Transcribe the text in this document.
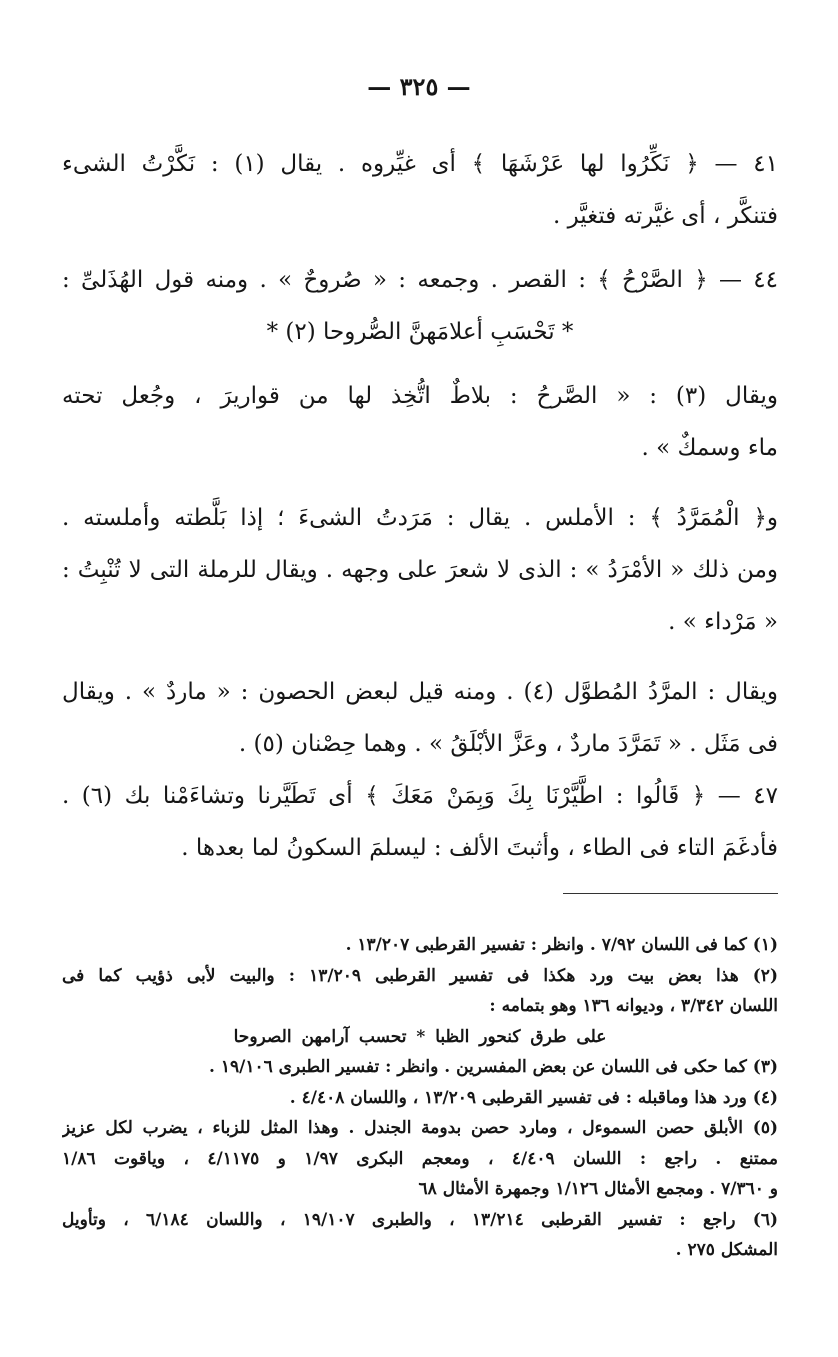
— ٣٢٥ —
٤١ — ﴿ نَكِّرُوا لها عَرْشَهَا ﴾ أى غيِّروه . يقال (١) : نَكَّرْتُ الشىء
فتنكَّر ، أى غيَّرته فتغيَّر .
٤٤ — ﴿ الصَّرْحُ ﴾ : القصر . وجمعه : « صُروحٌ » . ومنه قول الهُذَلىِّ :
* تَحْسَبِ أعلامَهنَّ الصُّروحا (٢) *
ويقال (٣) : « الصَّرحُ : بلاطٌ اتُّخِذ لها من قواريرَ ، وجُعل تحته
ماء وسمكٌ » .
و﴿ الْمُمَرَّدُ ﴾ : الأملس . يقال : مَرَدتُ الشىءَ ؛ إذا بَلَّطته وأملسته .
ومن ذلك « الأمْرَدُ » : الذى لا شعرَ على وجهه . ويقال للرملة التى لا تُنْبِتُ :
« مَرْداء » .
ويقال : المرَّدُ المُطوَّل (٤) . ومنه قيل لبعض الحصون : « ماردٌ » . ويقال
فى مَثَل . « تَمَرَّدَ ماردٌ ، وعَزَّ الأبْلَقُ » . وهما حِصْنان (٥) .
٤٧ — ﴿ قَالُوا : اطَّيَّرْنَا بِكَ وَبِمَنْ مَعَكَ ﴾ أى تَطَيَّرنا وتشاءَمْنا بك (٦) .
فأدغَمَ التاء فى الطاء ، وأثبتَ الألف : ليسلمَ السكونُ لما بعدها .
(١) كما فى اللسان ٧/٩٢ . وانظر : تفسير القرطبى ١٣/٢٠٧ .
(٢) هذا بعض بيت ورد هكذا فى تفسير القرطبى ١٣/٢٠٩ : والبيت لأبى ذؤيب كما فى
اللسان ٣/٣٤٢ ، وديوانه ١٣٦ وهو بتمامه :
على طرق كنحور الظبا * تحسب آرامهن الصروحا
(٣) كما حكى فى اللسان عن بعض المفسرين . وانظر : تفسير الطبرى ١٩/١٠٦ .
(٤) ورد هذا وماقبله : فى تفسير القرطبى ١٣/٢٠٩ ، واللسان ٤/٤٠٨ .
(٥) الأبلق حصن السموءل ، ومارد حصن بدومة الجندل . وهذا المثل للزباء ، يضرب لكل عزيز
ممتنع . راجع : اللسان ٤/٤٠٩ ، ومعجم البكرى ١/٩٧ و ٤/١١٧٥ ، وياقوت ١/٨٦
و ٧/٣٦٠ . ومجمع الأمثال ١/١٢٦ وجمهرة الأمثال ٦٨
(٦) راجع : تفسير القرطبى ١٣/٢١٤ ، والطبرى ١٩/١٠٧ ، واللسان ٦/١٨٤ ، وتأويل
المشكل ٢٧٥ .
